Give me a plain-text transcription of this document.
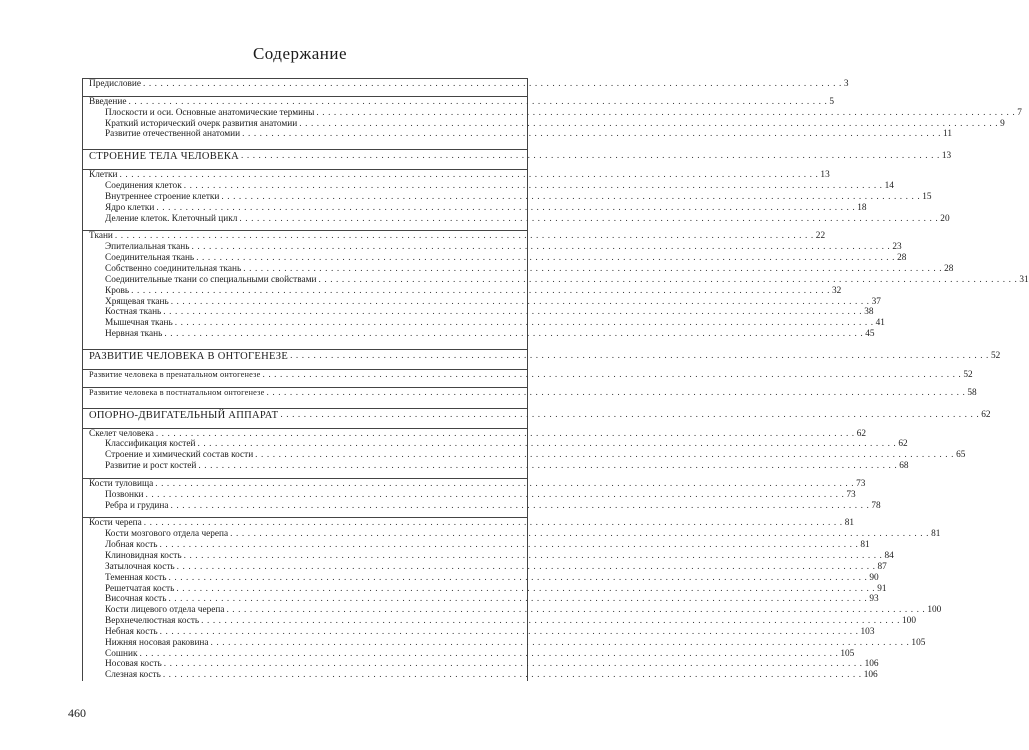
Содержание
Предисловие . . . . . . . . . . . . . . . . . . . . . . . . . . . . . . . . . . . . . . . . . . . . . . . . . . . . . . . . . . . . . . . . . . . . . . . . . . . . . . . . . . . . . . . . . . . . . . . . . . . . . . . . . . . . . . . . . . . . . . . . 3
Введение . . . . . . . . . . . . . . . . . . . . . . . . . . . . . . . . . . . . . . . . . . . . . . . . . . . . . . . . . . . . . . . . . . . . . . . . . . . . . . . . . . . . . . . . . . . . . . . . . . . . . . . . . . . . . . . . . . . . . . . . 5
Плоскости и оси. Основные анатомические термины . . . . . . . . . . . . . . . . . . . . . . . . . . . . . . . . . . . . . . . . . . . . . . . . . . . . . . . . . . . . . . . . . . . . . . . . . . . . . . . . . . . . . . . . . . . . . . . . . . . . . . . . . . . . . . . . . . . . . . . . 7
Краткий исторический очерк развития анатомии . . . . . . . . . . . . . . . . . . . . . . . . . . . . . . . . . . . . . . . . . . . . . . . . . . . . . . . . . . . . . . . . . . . . . . . . . . . . . . . . . . . . . . . . . . . . . . . . . . . . . . . . . . . . . . . . . . . . . . . . 9
Развитие отечественной анатомии . . . . . . . . . . . . . . . . . . . . . . . . . . . . . . . . . . . . . . . . . . . . . . . . . . . . . . . . . . . . . . . . . . . . . . . . . . . . . . . . . . . . . . . . . . . . . . . . . . . . . . . . . . . . . . . . . . . . . . . . 11
СТРОЕНИЕ ТЕЛА ЧЕЛОВЕКА . . . . . . . . . . . . . . . . . . . . . . . . . . . . . . . . . . . . . . . . . . . . . . . . . . . . . . . . . . . . . . . . . . . . . . . . . . . . . . . . . . . . . . . . . . . . . . . . . . . . . . . . . . . . . . . . . . . . . . . . 13
Клетки . . . . . . . . . . . . . . . . . . . . . . . . . . . . . . . . . . . . . . . . . . . . . . . . . . . . . . . . . . . . . . . . . . . . . . . . . . . . . . . . . . . . . . . . . . . . . . . . . . . . . . . . . . . . . . . . . . . . . . . . 13
Соединения клеток . . . . . . . . . . . . . . . . . . . . . . . . . . . . . . . . . . . . . . . . . . . . . . . . . . . . . . . . . . . . . . . . . . . . . . . . . . . . . . . . . . . . . . . . . . . . . . . . . . . . . . . . . . . . . . . . . . . . . . . . 14
Внутреннее строение клетки . . . . . . . . . . . . . . . . . . . . . . . . . . . . . . . . . . . . . . . . . . . . . . . . . . . . . . . . . . . . . . . . . . . . . . . . . . . . . . . . . . . . . . . . . . . . . . . . . . . . . . . . . . . . . . . . . . . . . . . . 15
Ядро клетки . . . . . . . . . . . . . . . . . . . . . . . . . . . . . . . . . . . . . . . . . . . . . . . . . . . . . . . . . . . . . . . . . . . . . . . . . . . . . . . . . . . . . . . . . . . . . . . . . . . . . . . . . . . . . . . . . . . . . . . . 18
Деление клеток. Клеточный цикл . . . . . . . . . . . . . . . . . . . . . . . . . . . . . . . . . . . . . . . . . . . . . . . . . . . . . . . . . . . . . . . . . . . . . . . . . . . . . . . . . . . . . . . . . . . . . . . . . . . . . . . . . . . . . . . . . . . . . . . . 20
Ткани . . . . . . . . . . . . . . . . . . . . . . . . . . . . . . . . . . . . . . . . . . . . . . . . . . . . . . . . . . . . . . . . . . . . . . . . . . . . . . . . . . . . . . . . . . . . . . . . . . . . . . . . . . . . . . . . . . . . . . . . 22
Эпителиальная ткань . . . . . . . . . . . . . . . . . . . . . . . . . . . . . . . . . . . . . . . . . . . . . . . . . . . . . . . . . . . . . . . . . . . . . . . . . . . . . . . . . . . . . . . . . . . . . . . . . . . . . . . . . . . . . . . . . . . . . . . . 23
Соединительная ткань . . . . . . . . . . . . . . . . . . . . . . . . . . . . . . . . . . . . . . . . . . . . . . . . . . . . . . . . . . . . . . . . . . . . . . . . . . . . . . . . . . . . . . . . . . . . . . . . . . . . . . . . . . . . . . . . . . . . . . . . 28
Собственно соединительная ткань . . . . . . . . . . . . . . . . . . . . . . . . . . . . . . . . . . . . . . . . . . . . . . . . . . . . . . . . . . . . . . . . . . . . . . . . . . . . . . . . . . . . . . . . . . . . . . . . . . . . . . . . . . . . . . . . . . . . . . . . 28
Соединительные ткани со специальными свойствами . . . . . . . . . . . . . . . . . . . . . . . . . . . . . . . . . . . . . . . . . . . . . . . . . . . . . . . . . . . . . . . . . . . . . . . . . . . . . . . . . . . . . . . . . . . . . . . . . . . . . . . . . . . . . . . . . . . . . . . . 31
Кровь . . . . . . . . . . . . . . . . . . . . . . . . . . . . . . . . . . . . . . . . . . . . . . . . . . . . . . . . . . . . . . . . . . . . . . . . . . . . . . . . . . . . . . . . . . . . . . . . . . . . . . . . . . . . . . . . . . . . . . . . 32
Хрящевая ткань . . . . . . . . . . . . . . . . . . . . . . . . . . . . . . . . . . . . . . . . . . . . . . . . . . . . . . . . . . . . . . . . . . . . . . . . . . . . . . . . . . . . . . . . . . . . . . . . . . . . . . . . . . . . . . . . . . . . . . . . 37
Костная ткань . . . . . . . . . . . . . . . . . . . . . . . . . . . . . . . . . . . . . . . . . . . . . . . . . . . . . . . . . . . . . . . . . . . . . . . . . . . . . . . . . . . . . . . . . . . . . . . . . . . . . . . . . . . . . . . . . . . . . . . . 38
Мышечная ткань . . . . . . . . . . . . . . . . . . . . . . . . . . . . . . . . . . . . . . . . . . . . . . . . . . . . . . . . . . . . . . . . . . . . . . . . . . . . . . . . . . . . . . . . . . . . . . . . . . . . . . . . . . . . . . . . . . . . . . . . 41
Нервная ткань . . . . . . . . . . . . . . . . . . . . . . . . . . . . . . . . . . . . . . . . . . . . . . . . . . . . . . . . . . . . . . . . . . . . . . . . . . . . . . . . . . . . . . . . . . . . . . . . . . . . . . . . . . . . . . . . . . . . . . . . 45
РАЗВИТИЕ ЧЕЛОВЕКА В ОНТОГЕНЕЗЕ . . . . . . . . . . . . . . . . . . . . . . . . . . . . . . . . . . . . . . . . . . . . . . . . . . . . . . . . . . . . . . . . . . . . . . . . . . . . . . . . . . . . . . . . . . . . . . . . . . . . . . . . . . . . . . . . . . . . . . . . 52
Развитие человека в пренатальном онтогенезе . . . . . . . . . . . . . . . . . . . . . . . . . . . . . . . . . . . . . . . . . . . . . . . . . . . . . . . . . . . . . . . . . . . . . . . . . . . . . . . . . . . . . . . . . . . . . . . . . . . . . . . . . . . . . . . . . . . . . . . . 52
Развитие человека в постнатальном онтогенезе . . . . . . . . . . . . . . . . . . . . . . . . . . . . . . . . . . . . . . . . . . . . . . . . . . . . . . . . . . . . . . . . . . . . . . . . . . . . . . . . . . . . . . . . . . . . . . . . . . . . . . . . . . . . . . . . . . . . . . . . 58
ОПОРНО-ДВИГАТЕЛЬНЫЙ АППАРАТ . . . . . . . . . . . . . . . . . . . . . . . . . . . . . . . . . . . . . . . . . . . . . . . . . . . . . . . . . . . . . . . . . . . . . . . . . . . . . . . . . . . . . . . . . . . . . . . . . . . . . . . . . . . . . . . . . . . . . . . . 62
Скелет человека . . . . . . . . . . . . . . . . . . . . . . . . . . . . . . . . . . . . . . . . . . . . . . . . . . . . . . . . . . . . . . . . . . . . . . . . . . . . . . . . . . . . . . . . . . . . . . . . . . . . . . . . . . . . . . . . . . . . . . . . 62
Классификация костей . . . . . . . . . . . . . . . . . . . . . . . . . . . . . . . . . . . . . . . . . . . . . . . . . . . . . . . . . . . . . . . . . . . . . . . . . . . . . . . . . . . . . . . . . . . . . . . . . . . . . . . . . . . . . . . . . . . . . . . . 62
Строение и химический состав кости . . . . . . . . . . . . . . . . . . . . . . . . . . . . . . . . . . . . . . . . . . . . . . . . . . . . . . . . . . . . . . . . . . . . . . . . . . . . . . . . . . . . . . . . . . . . . . . . . . . . . . . . . . . . . . . . . . . . . . . . 65
Развитие и рост костей . . . . . . . . . . . . . . . . . . . . . . . . . . . . . . . . . . . . . . . . . . . . . . . . . . . . . . . . . . . . . . . . . . . . . . . . . . . . . . . . . . . . . . . . . . . . . . . . . . . . . . . . . . . . . . . . . . . . . . . . 68
Кости туловища . . . . . . . . . . . . . . . . . . . . . . . . . . . . . . . . . . . . . . . . . . . . . . . . . . . . . . . . . . . . . . . . . . . . . . . . . . . . . . . . . . . . . . . . . . . . . . . . . . . . . . . . . . . . . . . . . . . . . . . . 73
Позвонки . . . . . . . . . . . . . . . . . . . . . . . . . . . . . . . . . . . . . . . . . . . . . . . . . . . . . . . . . . . . . . . . . . . . . . . . . . . . . . . . . . . . . . . . . . . . . . . . . . . . . . . . . . . . . . . . . . . . . . . . 73
Ребра и грудина . . . . . . . . . . . . . . . . . . . . . . . . . . . . . . . . . . . . . . . . . . . . . . . . . . . . . . . . . . . . . . . . . . . . . . . . . . . . . . . . . . . . . . . . . . . . . . . . . . . . . . . . . . . . . . . . . . . . . . . . 78
Кости черепа . . . . . . . . . . . . . . . . . . . . . . . . . . . . . . . . . . . . . . . . . . . . . . . . . . . . . . . . . . . . . . . . . . . . . . . . . . . . . . . . . . . . . . . . . . . . . . . . . . . . . . . . . . . . . . . . . . . . . . . . 81
Кости мозгового отдела черепа . . . . . . . . . . . . . . . . . . . . . . . . . . . . . . . . . . . . . . . . . . . . . . . . . . . . . . . . . . . . . . . . . . . . . . . . . . . . . . . . . . . . . . . . . . . . . . . . . . . . . . . . . . . . . . . . . . . . . . . . 81
Лобная кость . . . . . . . . . . . . . . . . . . . . . . . . . . . . . . . . . . . . . . . . . . . . . . . . . . . . . . . . . . . . . . . . . . . . . . . . . . . . . . . . . . . . . . . . . . . . . . . . . . . . . . . . . . . . . . . . . . . . . . . . 81
Клиновидная кость . . . . . . . . . . . . . . . . . . . . . . . . . . . . . . . . . . . . . . . . . . . . . . . . . . . . . . . . . . . . . . . . . . . . . . . . . . . . . . . . . . . . . . . . . . . . . . . . . . . . . . . . . . . . . . . . . . . . . . . . 84
Затылочная кость . . . . . . . . . . . . . . . . . . . . . . . . . . . . . . . . . . . . . . . . . . . . . . . . . . . . . . . . . . . . . . . . . . . . . . . . . . . . . . . . . . . . . . . . . . . . . . . . . . . . . . . . . . . . . . . . . . . . . . . . 87
Теменная кость . . . . . . . . . . . . . . . . . . . . . . . . . . . . . . . . . . . . . . . . . . . . . . . . . . . . . . . . . . . . . . . . . . . . . . . . . . . . . . . . . . . . . . . . . . . . . . . . . . . . . . . . . . . . . . . . . . . . . . . . 90
Решетчатая кость . . . . . . . . . . . . . . . . . . . . . . . . . . . . . . . . . . . . . . . . . . . . . . . . . . . . . . . . . . . . . . . . . . . . . . . . . . . . . . . . . . . . . . . . . . . . . . . . . . . . . . . . . . . . . . . . . . . . . . . . 91
Височная кость . . . . . . . . . . . . . . . . . . . . . . . . . . . . . . . . . . . . . . . . . . . . . . . . . . . . . . . . . . . . . . . . . . . . . . . . . . . . . . . . . . . . . . . . . . . . . . . . . . . . . . . . . . . . . . . . . . . . . . . . 93
Кости лицевого отдела черепа . . . . . . . . . . . . . . . . . . . . . . . . . . . . . . . . . . . . . . . . . . . . . . . . . . . . . . . . . . . . . . . . . . . . . . . . . . . . . . . . . . . . . . . . . . . . . . . . . . . . . . . . . . . . . . . . . . . . . . . . 100
Верхнечелюстная кость . . . . . . . . . . . . . . . . . . . . . . . . . . . . . . . . . . . . . . . . . . . . . . . . . . . . . . . . . . . . . . . . . . . . . . . . . . . . . . . . . . . . . . . . . . . . . . . . . . . . . . . . . . . . . . . . . . . . . . . . 100
Небная кость . . . . . . . . . . . . . . . . . . . . . . . . . . . . . . . . . . . . . . . . . . . . . . . . . . . . . . . . . . . . . . . . . . . . . . . . . . . . . . . . . . . . . . . . . . . . . . . . . . . . . . . . . . . . . . . . . . . . . . . . 103
Нижняя носовая раковина . . . . . . . . . . . . . . . . . . . . . . . . . . . . . . . . . . . . . . . . . . . . . . . . . . . . . . . . . . . . . . . . . . . . . . . . . . . . . . . . . . . . . . . . . . . . . . . . . . . . . . . . . . . . . . . . . . . . . . . . 105
Сошник . . . . . . . . . . . . . . . . . . . . . . . . . . . . . . . . . . . . . . . . . . . . . . . . . . . . . . . . . . . . . . . . . . . . . . . . . . . . . . . . . . . . . . . . . . . . . . . . . . . . . . . . . . . . . . . . . . . . . . . . 105
Носовая кость . . . . . . . . . . . . . . . . . . . . . . . . . . . . . . . . . . . . . . . . . . . . . . . . . . . . . . . . . . . . . . . . . . . . . . . . . . . . . . . . . . . . . . . . . . . . . . . . . . . . . . . . . . . . . . . . . . . . . . . . 106
Слезная кость . . . . . . . . . . . . . . . . . . . . . . . . . . . . . . . . . . . . . . . . . . . . . . . . . . . . . . . . . . . . . . . . . . . . . . . . . . . . . . . . . . . . . . . . . . . . . . . . . . . . . . . . . . . . . . . . . . . . . . . . 106
460
